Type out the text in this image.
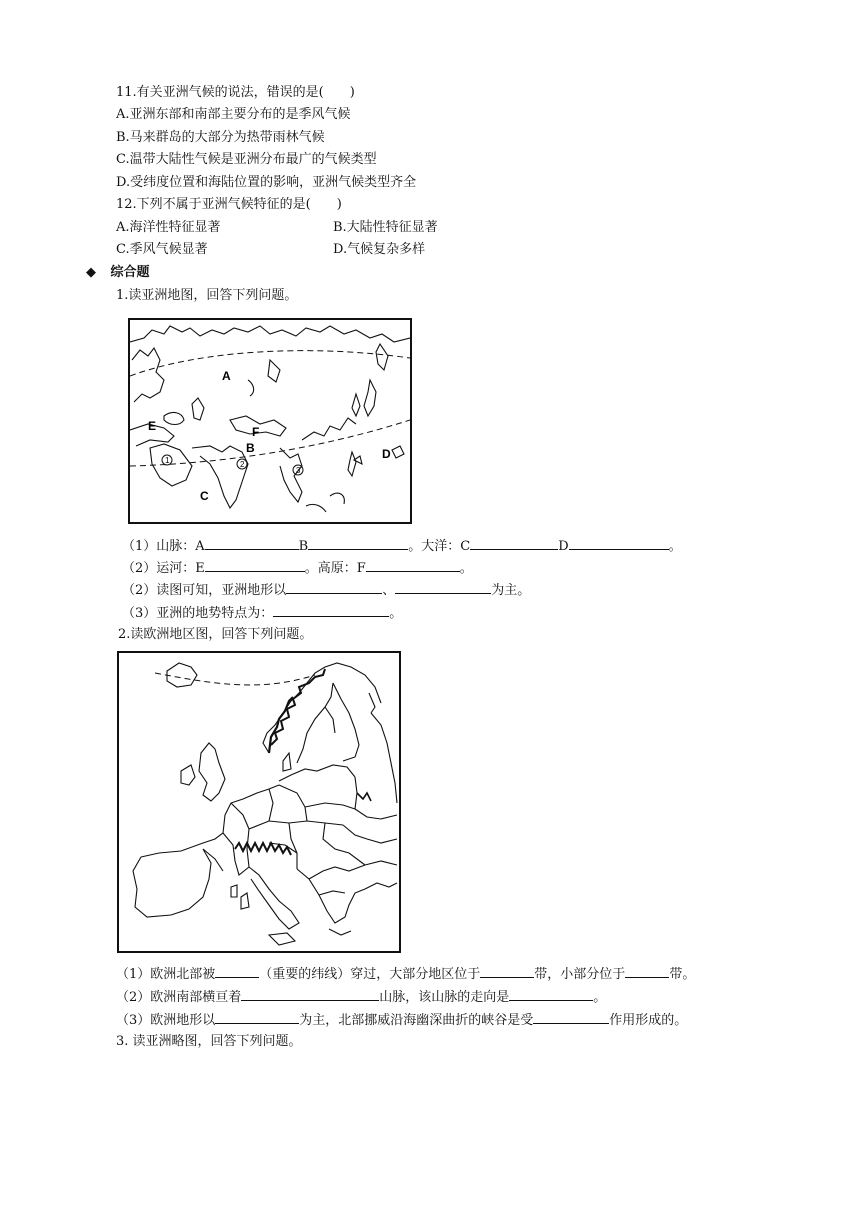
11.有关亚洲气候的说法，错误的是(　　)
A.亚洲东部和南部主要分布的是季风气候
B.马来群岛的大部分为热带雨林气候
C.温带大陆性气候是亚洲分布最广的气候类型
D.受纬度位置和海陆位置的影响，亚洲气候类型齐全
12.下列不属于亚洲气候特征的是(　　)
A.海洋性特征显著	B.大陆性特征显著
C.季风气候显著	D.气候复杂多样
◆ 综合题
1.读亚洲地图，回答下列问题。
A
E	F
B
C
D
1	2
3
（1）山脉：A	B	。大洋：C	D	。
（2）运河：E	。高原：F	。
（2）读图可知，亚洲地形以	、	为主。
（3）亚洲的地势特点为：	。
2.读欧洲地区图，回答下列问题。
（1）欧洲北部被	（重要的纬线）穿过，大部分地区位于	带，小部分位于	带。
（2）欧洲南部横亘着	山脉，该山脉的走向是	。
（3）欧洲地形以	为主，北部挪威沿海幽深曲折的峡谷是受	作用形成的。
3. 读亚洲略图，回答下列问题。
